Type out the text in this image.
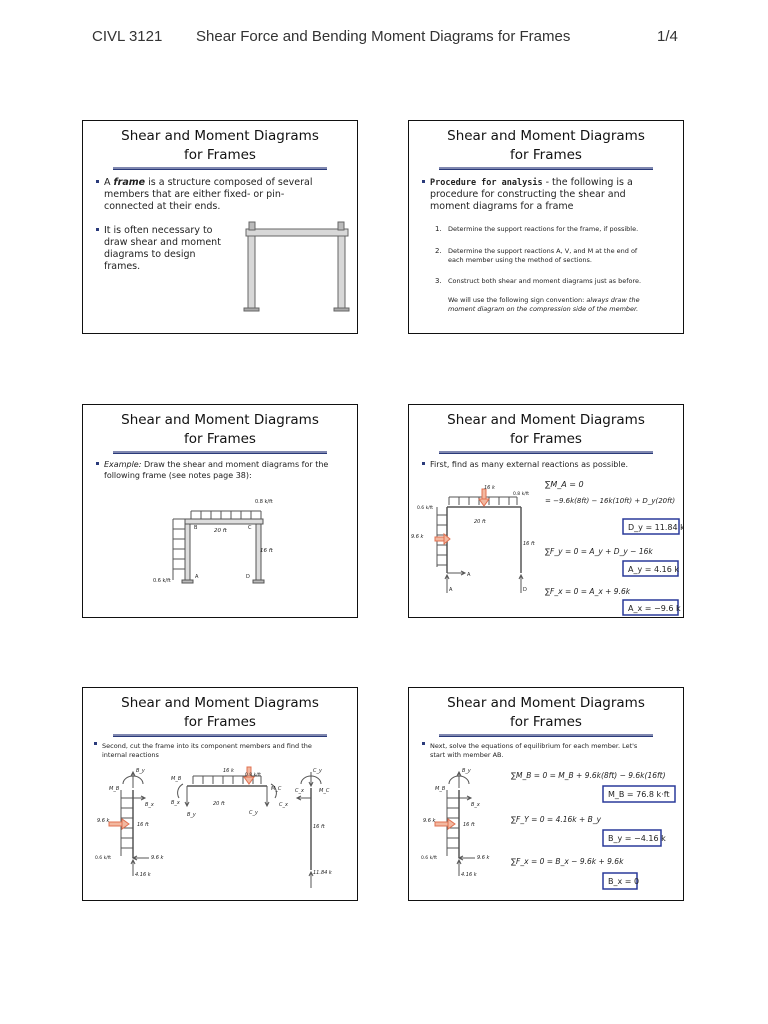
CIVL 3121 Shear Force and Bending Moment Diagrams for Frames	1/4
Shear and Moment Diagrams
for Frames
A frame is a structure composed of several
members that are either fixed- or pin-
connected at their ends.
It is often necessary to
draw shear and moment
diagrams to design
frames.
Shear and Moment Diagrams
for Frames
Procedure for analysis - the following is a
procedure for constructing the shear and
moment diagrams for a frame
1. Determine the support reactions for the frame, if possible.
2. Determine the support reactions A, V, and M at the end of
each member using the method of sections.
3. Construct both shear and moment diagrams just as before.
We will use the following sign convention: always draw the
moment diagram on the compression side of the member.
Shear and Moment Diagrams
for Frames
Example: Draw the shear and moment diagrams for the
following frame (see notes page 38):
0.8 k/ft
20 ft
16 ft
0.6 k/ft
B	C
A	D
Shear and Moment Diagrams
for Frames
First, find as many external reactions as possible.
16 k
0.8 k/ft
0.6 k/ft
9.6 k
20 ft
16 ft
A
A	D
∑M_A = 0
= −9.6k(8ft) − 16k(10ft) + D_y(20ft)
D_y = 11.84 k
∑F_y = 0 = A_y + D_y − 16k
A_y = 4.16 k
∑F_x = 0 = A_x + 9.6k
A_x = −9.6 k
Shear and Moment Diagrams
for Frames
Second, cut the frame into its component members and find the
internal reactions
B_y
M_B
B_x
9.6 k
16 ft
0.6 k/ft	9.6 k
4.16 k
16 k
0.8 k/ft
M_B
M_C
B_x	C_x
B_y	C_y
20 ft
C_y
C_x	M_C
16 ft
11.84 k
Shear and Moment Diagrams
for Frames
Next, solve the equations of equilibrium for each member. Let's
start with member AB.
B_y
M_B
B_x
9.6 k
16 ft
0.6 k/ft	9.6 k
4.16 k
∑M_B = 0 = M_B + 9.6k(8ft) − 9.6k(16ft)
M_B = 76.8 k·ft
∑F_Y = 0 = 4.16k + B_y
B_y = −4.16 k
∑F_x = 0 = B_x − 9.6k + 9.6k
B_x = 0
